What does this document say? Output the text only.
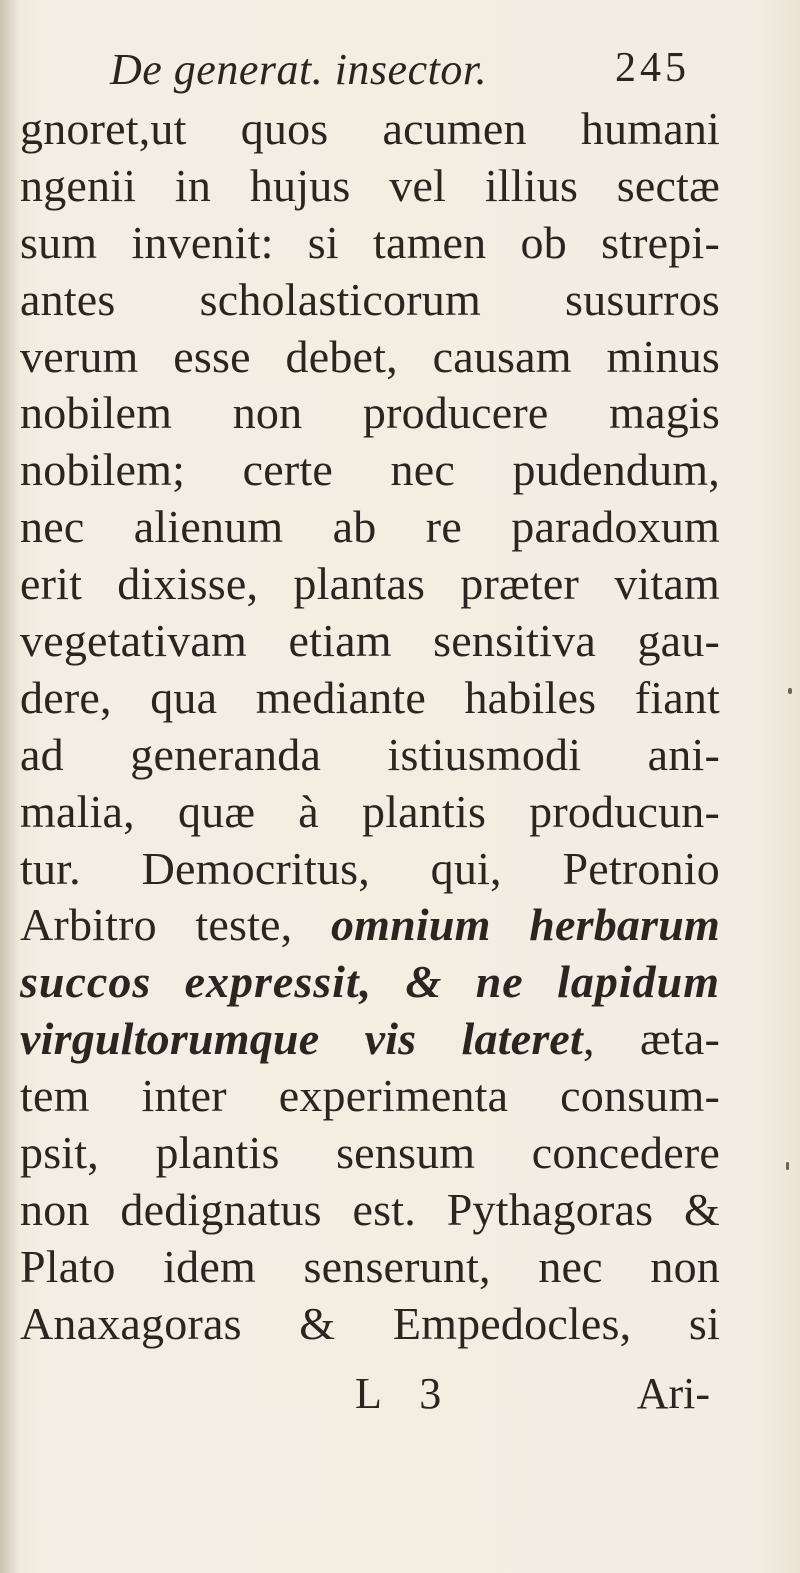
De generat. insector.	245
gnoret,ut quos acumen humani
ngenii in hujus vel illius sectæ
sum invenit: si tamen ob strepi-
antes scholasticorum susurros
verum esse debet, causam minus
nobilem non producere magis
nobilem; certe nec pudendum,
nec alienum ab re paradoxum
erit dixisse, plantas præter vitam
vegetativam etiam sensitiva gau-
dere, qua mediante habiles fiant
ad generanda istiusmodi ani-
malia, quæ à plantis producun-
tur. Democritus, qui, Petronio
Arbitro teste, omnium herbarum
succos expressit, & ne lapidum
virgultorumque vis lateret, æta-
tem inter experimenta consum-
psit, plantis sensum concedere
non dedignatus est. Pythagoras &
Plato idem senserunt, nec non
Anaxagoras & Empedocles, si
L 3	Ari-
